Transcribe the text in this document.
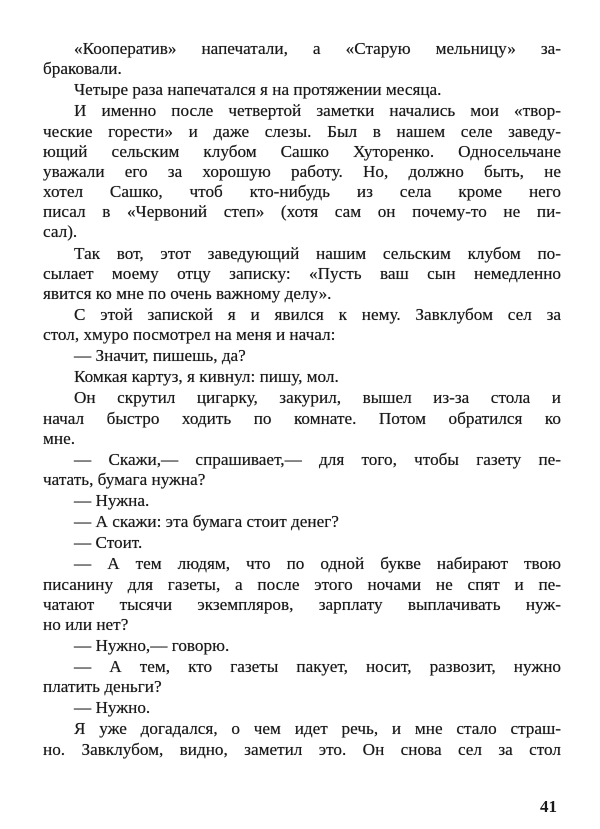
«Кооператив» напечатали, а «Старую мельницу» за-
браковали.
Четыре раза напечатался я на протяжении месяца.
И именно после четвертой заметки начались мои «твор-
ческие горести» и даже слезы. Был в нашем селе заведу-
ющий сельским клубом Сашко Хуторенко. Односельчане
уважали его за хорошую работу. Но, должно быть, не
хотел Сашко, чтоб кто-нибудь из села кроме него
писал в «Червоний степ» (хотя сам он почему-то не пи-
сал).
Так вот, этот заведующий нашим сельским клубом по-
сылает моему отцу записку: «Пусть ваш сын немедленно
явится ко мне по очень важному делу».
С этой запиской я и явился к нему. Завклубом сел за
стол, хмуро посмотрел на меня и начал:
— Значит, пишешь, да?
Комкая картуз, я кивнул: пишу, мол.
Он скрутил цигарку, закурил, вышел из-за стола и
начал быстро ходить по комнате. Потом обратился ко
мне.
— Скажи,— спрашивает,— для того, чтобы газету пе-
чатать, бумага нужна?
— Нужна.
— А скажи: эта бумага стоит денег?
— Стоит.
— А тем людям, что по одной букве набирают твою
писанину для газеты, а после этого ночами не спят и пе-
чатают тысячи экземпляров, зарплату выплачивать нуж-
но или нет?
— Нужно,— говорю.
— А тем, кто газеты пакует, носит, развозит, нужно
платить деньги?
— Нужно.
Я уже догадался, о чем идет речь, и мне стало страш-
но. Завклубом, видно, заметил это. Он снова сел за стол
41
